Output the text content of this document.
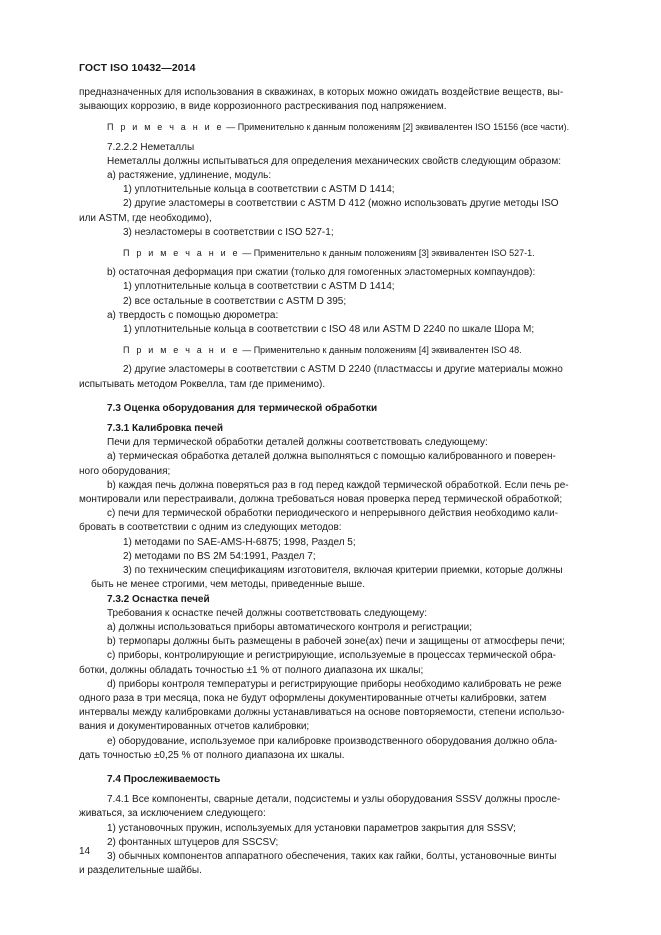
ГОСТ ISO 10432—2014

предназначенных для использования в скважинах, в которых можно ожидать воздействие веществ, вы-

зывающих коррозию, в виде коррозионного растрескивания под напряжением.

П р и м е ч а н и е — Применительно к данным положениям [2] эквивалентен ISO 15156 (все части).

7.2.2.2 Неметаллы

Неметаллы должны испытываться для определения механических свойств следующим образом:

a) растяжение, удлинение, модуль:

1) уплотнительные кольца в соответствии с ASTM D 1414;

2) другие эластомеры в соответствии с ASTM D 412 (можно использовать другие методы ISO

или ASTM, где необходимо),

3) неэластомеры в соответствии с ISO 527-1;

П р и м е ч а н и е — Применительно к данным положениям [3] эквивалентен ISO 527-1.

b) остаточная деформация при сжатии (только для гомогенных эластомерных компаундов):

1) уплотнительные кольца в соответствии с ASTM D 1414;

2) все остальные в соответствии с ASTM D 395;

a) твердость с помощью дюрометра:

1) уплотнительные кольца в соответствии с ISO 48 или ASTM D 2240 по шкале Шора М;

П р и м е ч а н и е — Применительно к данным положениям [4] эквивалентен ISO 48.

2) другие эластомеры в соответствии с ASTM D 2240 (пластмассы и другие материалы можно

испытывать методом Роквелла, там где применимо).

7.3 Оценка оборудования для термической обработки

7.3.1 Калибровка печей

Печи для термической обработки деталей должны соответствовать следующему:

a) термическая обработка деталей должна выполняться с помощью калиброванного и поверен-

ного оборудования;

b) каждая печь должна поверяться раз в год перед каждой термической обработкой. Если печь ре-

монтировали или перестраивали, должна требоваться новая проверка перед термической обработкой;

c) печи для термической обработки периодического и непрерывного действия необходимо кали-

бровать в соответствии с одним из следующих методов:

1) методами по SAE-AMS-H-6875; 1998, Раздел 5;

2) методами по BS 2M 54:1991, Раздел 7;

3) по техническим спецификациям изготовителя, включая критерии приемки, которые должны

быть не менее строгими, чем методы, приведенные выше.

7.3.2 Оснастка печей

Требования к оснастке печей должны соответствовать следующему:

a) должны использоваться приборы автоматического контроля и регистрации;

b) термопары должны быть размещены в рабочей зоне(ах) печи и защищены от атмосферы печи;

c) приборы, контролирующие и регистрирующие, используемые в процессах термической обра-

ботки, должны обладать точностью ±1 % от полного диапазона их шкалы;

d) приборы контроля температуры и регистрирующие приборы необходимо калибровать не реже

одного раза в три месяца, пока не будут оформлены документированные отчеты калибровки, затем

интервалы между калибровками должны устанавливаться на основе повторяемости, степени использо-

вания и документированных отчетов калибровки;

e) оборудование, используемое при калибровке производственного оборудования должно обла-

дать точностью ±0,25 % от полного диапазона их шкалы.

7.4 Прослеживаемость

7.4.1 Все компоненты, сварные детали, подсистемы и узлы оборудования SSSV должны просле-

живаться, за исключением следующего:

1) установочных пружин, используемых для установки параметров закрытия для SSSV;

2) фонтанных штуцеров для SSCSV;

3) обычных компонентов аппаратного обеспечения, таких как гайки, болты, установочные винты

и разделительные шайбы.

14
